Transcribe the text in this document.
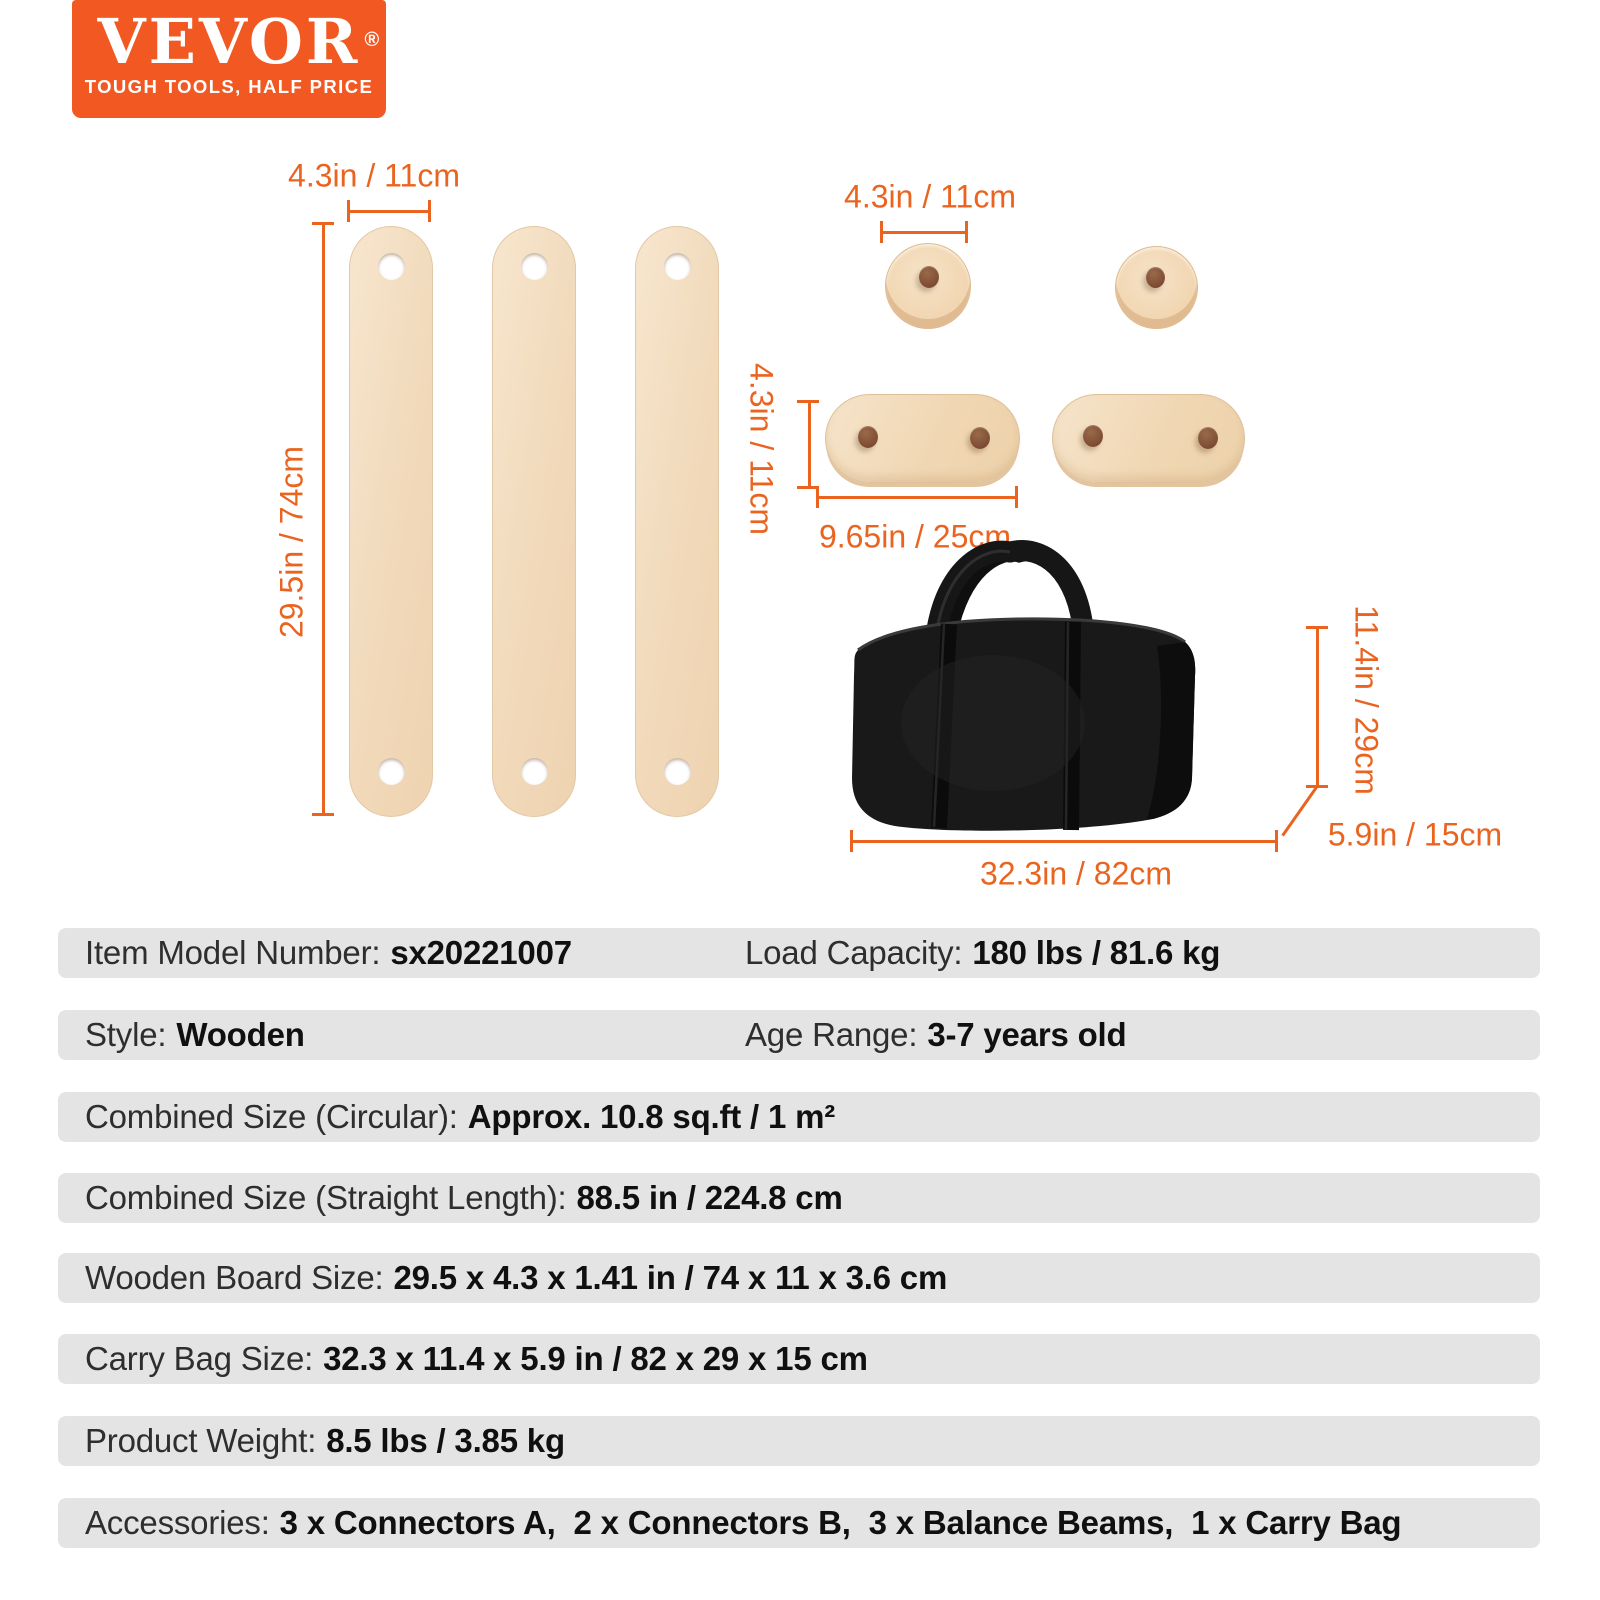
VEVOR ®
TOUGH TOOLS, HALF PRICE
4.3in / 11cm
29.5in / 74cm
4.3in / 11cm
4.3in / 11cm
9.65in / 25cm
32.3in / 82cm
5.9in / 15cm
11.4in / 29cm
Item Model Number: sx20221007	Load Capacity: 180 lbs / 81.6 kg
Style: Wooden	Age Range: 3-7 years old
Combined Size (Circular): Approx. 10.8 sq.ft / 1 m²
Combined Size (Straight Length): 88.5 in / 224.8 cm
Wooden Board Size: 29.5 x 4.3 x 1.41 in / 74 x 11 x 3.6 cm
Carry Bag Size: 32.3 x 11.4 x 5.9 in / 82 x 29 x 15 cm
Product Weight: 8.5 lbs / 3.85 kg
Accessories: 3 x Connectors A,  2 x Connectors B,  3 x Balance Beams,  1 x Carry Bag
